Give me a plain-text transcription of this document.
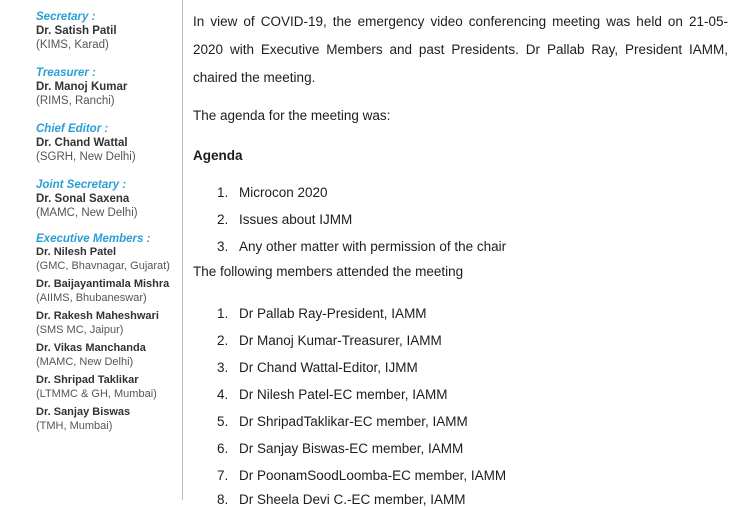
Secretary :
Dr. Satish Patil
(KIMS, Karad)
Treasurer :
Dr. Manoj Kumar
(RIMS, Ranchi)
Chief Editor :
Dr. Chand Wattal
(SGRH, New Delhi)
Joint Secretary :
Dr. Sonal Saxena
(MAMC, New Delhi)
Executive Members :
Dr. Nilesh Patel
(GMC, Bhavnagar, Gujarat)
Dr. Baijayantimala Mishra
(AIIMS, Bhubaneswar)
Dr. Rakesh Maheshwari
(SMS MC, Jaipur)
Dr. Vikas Manchanda
(MAMC, New Delhi)
Dr. Shripad Taklikar
(LTMMC & GH, Mumbai)
Dr. Sanjay Biswas
(TMH, Mumbai)
In view of COVID-19, the emergency video conferencing meeting was held on 21-05-2020 with Executive Members and past Presidents. Dr Pallab Ray, President IAMM, chaired the meeting.
The agenda for the meeting was:
Agenda
1. Microcon 2020
2. Issues about IJMM
3. Any other matter with permission of the chair
The following members attended the meeting
1. Dr Pallab Ray-President, IAMM
2. Dr Manoj Kumar-Treasurer, IAMM
3. Dr Chand Wattal-Editor, IJMM
4. Dr Nilesh Patel-EC member, IAMM
5. Dr ShripadTaklikar-EC member, IAMM
6. Dr Sanjay Biswas-EC member, IAMM
7. Dr PoonamSoodLoomba-EC member, IAMM
8. Dr Sheela Devi C.-EC member, IAMM
